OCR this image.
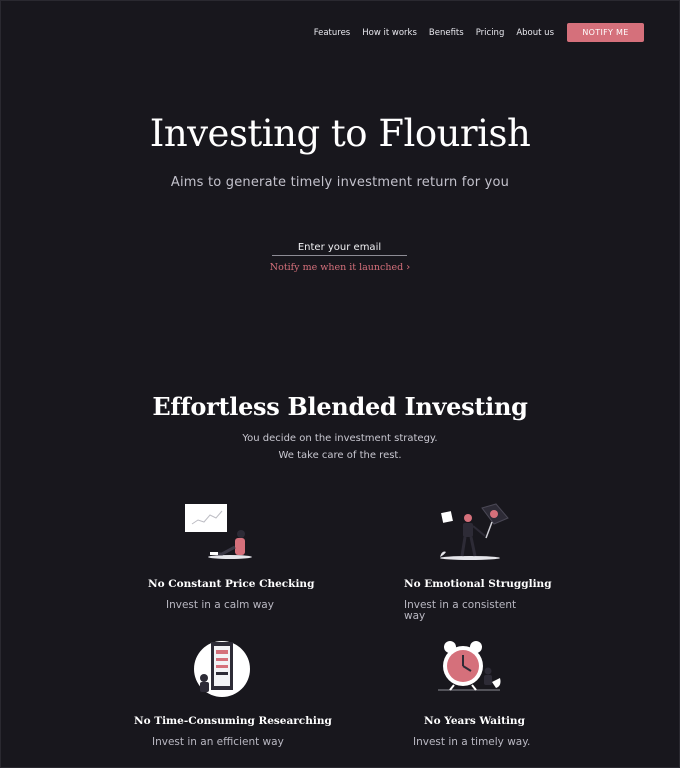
Features How it works Benefits Pricing About us	NOTIFY ME
Investing to Flourish
Aims to generate timely investment return for you
Enter your email
Notify me when it launched ›
Effortless Blended Investing
You decide on the investment strategy.
We take care of the rest.
No Constant Price Checking
Invest in a calm way
No Emotional Struggling
Invest in a consistent way
No Time-Consuming Researching
Invest in an efficient way
No Years Waiting
Invest in a timely way.
